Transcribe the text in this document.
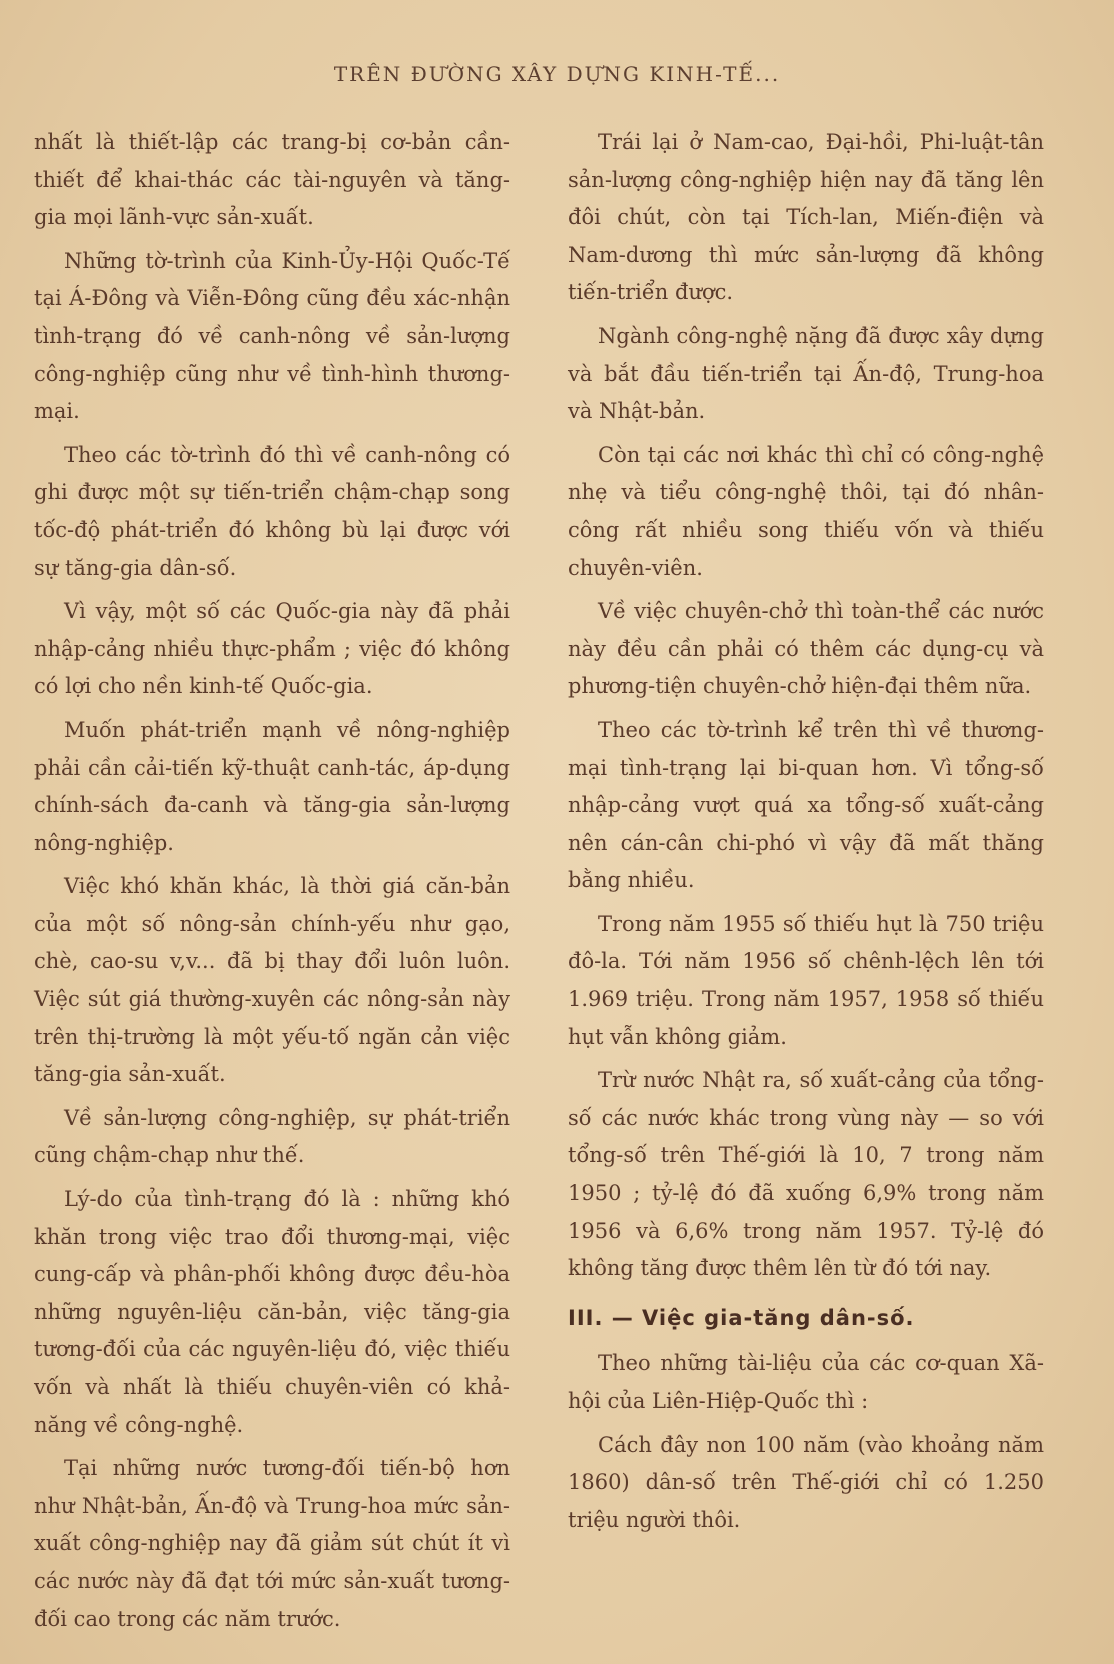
TRÊN ĐƯỜNG XÂY DỰNG KINH-TẾ...

nhất là thiết-lập các trang-bị cơ-bản cần-thiết để khai-thác các tài-nguyên và tăng-gia mọi lãnh-vực sản-xuất.

Những tờ-trình của Kinh-Ủy-Hội Quốc-Tế tại Á-Đông và Viễn-Đông cũng đều xác-nhận tình-trạng đó về canh-nông về sản-lượng công-nghiệp cũng như về tình-hình thương-mại.

Theo các tờ-trình đó thì về canh-nông có ghi được một sự tiến-triển chậm-chạp song tốc-độ phát-triển đó không bù lại được với sự tăng-gia dân-số.

Vì vậy, một số các Quốc-gia này đã phải nhập-cảng nhiều thực-phẩm ; việc đó không có lợi cho nền kinh-tế Quốc-gia.

Muốn phát-triển mạnh về nông-nghiệp phải cần cải-tiến kỹ-thuật canh-tác, áp-dụng chính-sách đa-canh và tăng-gia sản-lượng nông-nghiệp.

Việc khó khăn khác, là thời giá căn-bản của một số nông-sản chính-yếu như gạo, chè, cao-su v,v... đã bị thay đổi luôn luôn. Việc sút giá thường-xuyên các nông-sản này trên thị-trường là một yếu-tố ngăn cản việc tăng-gia sản-xuất.

Về sản-lượng công-nghiệp, sự phát-triển cũng chậm-chạp như thế.

Lý-do của tình-trạng đó là : những khó khăn trong việc trao đổi thương-mại, việc cung-cấp và phân-phối không được đều-hòa những nguyên-liệu căn-bản, việc tăng-gia tương-đối của các nguyên-liệu đó, việc thiếu vốn và nhất là thiếu chuyên-viên có khả-năng về công-nghệ.

Tại những nước tương-đối tiến-bộ hơn như Nhật-bản, Ấn-độ và Trung-hoa mức sản-xuất công-nghiệp nay đã giảm sút chút ít vì các nước này đã đạt tới mức sản-xuất tương-đối cao trong các năm trước.

Trái lại ở Nam-cao, Đại-hồi, Phi-luật-tân sản-lượng công-nghiệp hiện nay đã tăng lên đôi chút, còn tại Tích-lan, Miến-điện và Nam-dương thì mức sản-lượng đã không tiến-triển được.

Ngành công-nghệ nặng đã được xây dựng và bắt đầu tiến-triển tại Ấn-độ, Trung-hoa và Nhật-bản.

Còn tại các nơi khác thì chỉ có công-nghệ nhẹ và tiểu công-nghệ thôi, tại đó nhân-công rất nhiều song thiếu vốn và thiếu chuyên-viên.

Về việc chuyên-chở thì toàn-thể các nước này đều cần phải có thêm các dụng-cụ và phương-tiện chuyên-chở hiện-đại thêm nữa.

Theo các tờ-trình kể trên thì về thương-mại tình-trạng lại bi-quan hơn. Vì tổng-số nhập-cảng vượt quá xa tổng-số xuất-cảng nên cán-cân chi-phó vì vậy đã mất thăng bằng nhiều.

Trong năm 1955 số thiếu hụt là 750 triệu đô-la. Tới năm 1956 số chênh-lệch lên tới 1.969 triệu. Trong năm 1957, 1958 số thiếu hụt vẫn không giảm.

Trừ nước Nhật ra, số xuất-cảng của tổng-số các nước khác trong vùng này — so với tổng-số trên Thế-giới là 10, 7 trong năm 1950 ; tỷ-lệ đó đã xuống 6,9% trong năm 1956 và 6,6% trong năm 1957. Tỷ-lệ đó không tăng được thêm lên từ đó tới nay.

III. — Việc gia-tăng dân-số.

Theo những tài-liệu của các cơ-quan Xã-hội của Liên-Hiệp-Quốc thì :

Cách đây non 100 năm (vào khoảng năm 1860) dân-số trên Thế-giới chỉ có 1.250 triệu người thôi.
